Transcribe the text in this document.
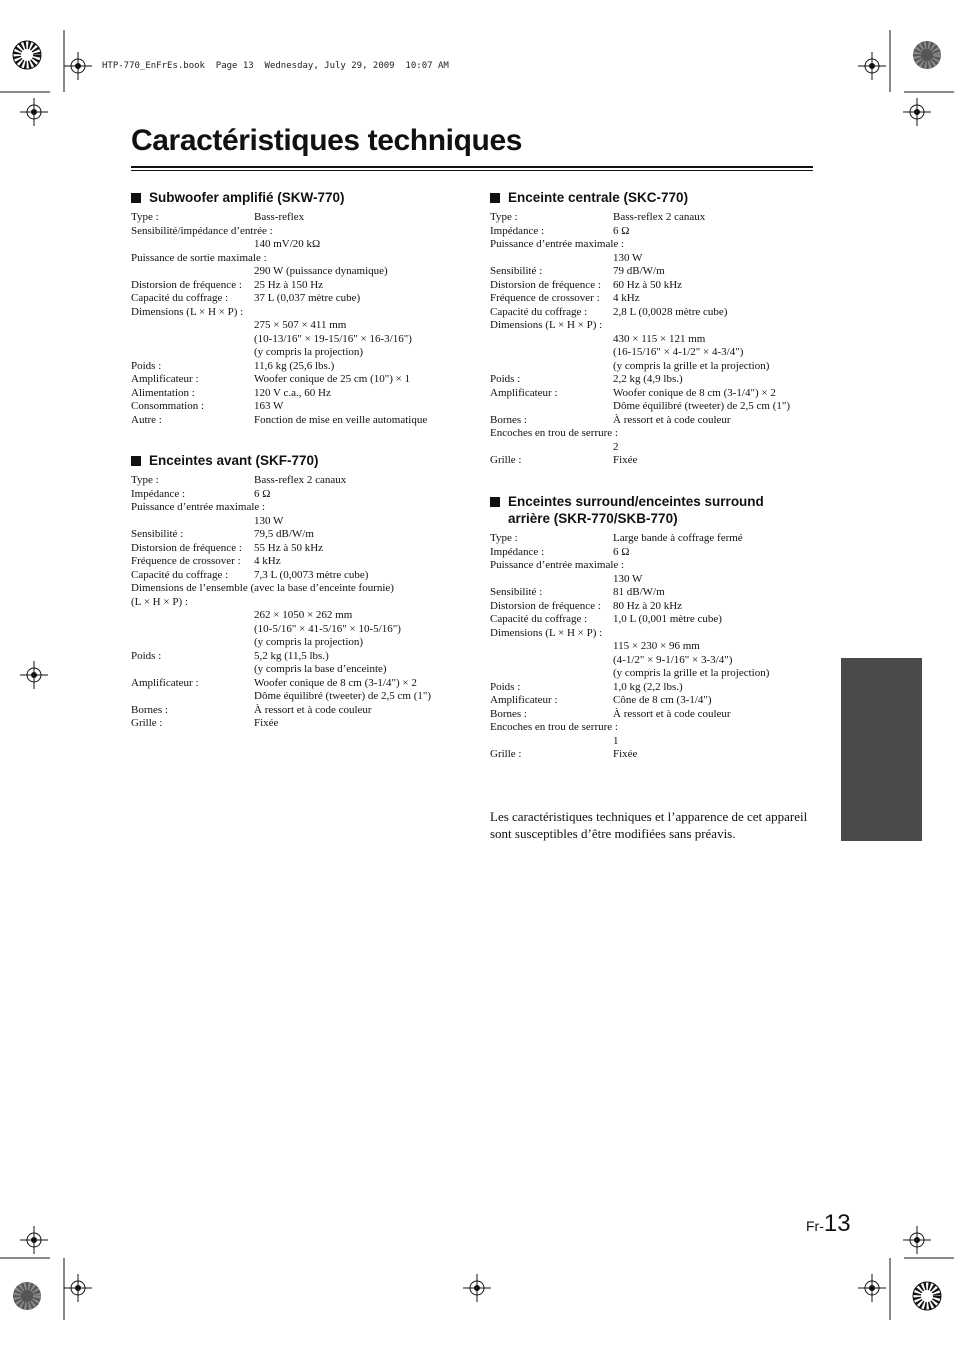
HTP-770_EnFrEs.book  Page 13  Wednesday, July 29, 2009  10:07 AM
Caractéristiques techniques
Subwoofer amplifié (SKW-770)
Type :	Bass-reflex
Sensibilité/impédance d’entrée :
140 mV/20 kΩ
Puissance de sortie maximale :
290 W (puissance dynamique)
Distorsion de fréquence :	25 Hz à 150 Hz
Capacité du coffrage :	37 L (0,037 mètre cube)
Dimensions (L × H × P) :
275 × 507 × 411 mm
(10-13/16" × 19-15/16" × 16-3/16")
(y compris la projection)
Poids :	11,6 kg (25,6 lbs.)
Amplificateur :	Woofer conique de 25 cm (10") × 1
Alimentation :	120 V c.a., 60 Hz
Consommation :	163 W
Autre :	Fonction de mise en veille automatique
Enceintes avant (SKF-770)
Type :	Bass-reflex 2 canaux
Impédance :	6 Ω
Puissance d’entrée maximale :
130 W
Sensibilité :	79,5 dB/W/m
Distorsion de fréquence :	55 Hz à 50 kHz
Fréquence de crossover :	4 kHz
Capacité du coffrage :	7,3 L (0,0073 mètre cube)
Dimensions de l’ensemble (avec la base d’enceinte fournie)
(L × H × P) :
262 × 1050 × 262 mm
(10-5/16" × 41-5/16" × 10-5/16")
(y compris la projection)
Poids :	5,2 kg (11,5 lbs.)
(y compris la base d’enceinte)
Amplificateur :	Woofer conique de 8 cm (3-1/4") × 2
Dôme équilibré (tweeter) de 2,5 cm (1")
Bornes :	À ressort et à code couleur
Grille :	Fixée
Enceinte centrale (SKC-770)
Type :	Bass-reflex 2 canaux
Impédance :	6 Ω
Puissance d’entrée maximale :
130 W
Sensibilité :	79 dB/W/m
Distorsion de fréquence :	60 Hz à 50 kHz
Fréquence de crossover :	4 kHz
Capacité du coffrage :	2,8 L (0,0028 mètre cube)
Dimensions (L × H × P) :
430 × 115 × 121 mm
(16-15/16" × 4-1/2" × 4-3/4")
(y compris la grille et la projection)
Poids :	2,2 kg (4,9 lbs.)
Amplificateur :	Woofer conique de 8 cm (3-1/4") × 2
Dôme équilibré (tweeter) de 2,5 cm (1")
Bornes :	À ressort et à code couleur
Encoches en trou de serrure :
2
Grille :	Fixée
Enceintes surround/enceintes surround arrière (SKR-770/SKB-770)
Type :	Large bande à coffrage fermé
Impédance :	6 Ω
Puissance d’entrée maximale :
130 W
Sensibilité :	81 dB/W/m
Distorsion de fréquence :	80 Hz à 20 kHz
Capacité du coffrage :	1,0 L (0,001 mètre cube)
Dimensions (L × H × P) :
115 × 230 × 96 mm
(4-1/2" × 9-1/16" × 3-3/4")
(y compris la grille et la projection)
Poids :	1,0 kg (2,2 lbs.)
Amplificateur :	Cône de 8 cm (3-1/4")
Bornes :	À ressort et à code couleur
Encoches en trou de serrure :
1
Grille :	Fixée
Les caractéristiques techniques et l’apparence de cet appareil sont susceptibles d’être modifiées sans préavis.
Fr-13
